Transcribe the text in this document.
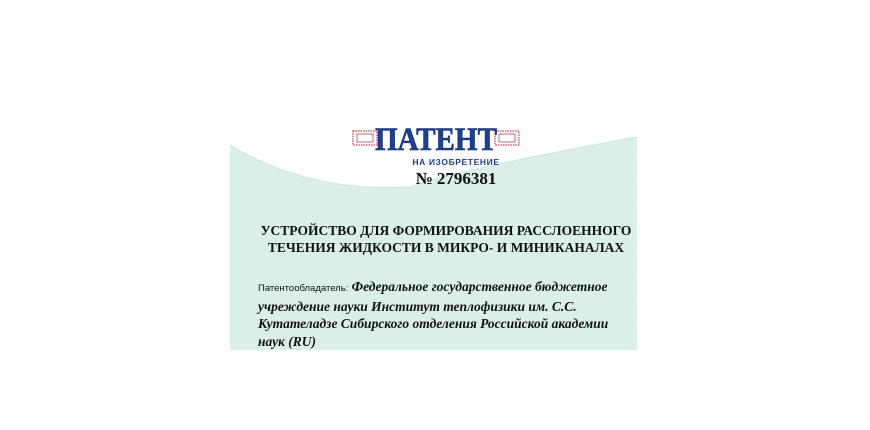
ПАТЕНТ
НА ИЗОБРЕТЕНИЕ
№ 2796381
УСТРОЙСТВО ДЛЯ ФОРМИРОВАНИЯ РАССЛОЕННОГО ТЕЧЕНИЯ ЖИДКОСТИ В МИКРО- И МИНИКАНАЛАХ
Патентообладатель: Федеральное государственное бюджетное учреждение науки Институт теплофизики им. С.С. Кутателадзе Сибирского отделения Российской академии наук (RU)
